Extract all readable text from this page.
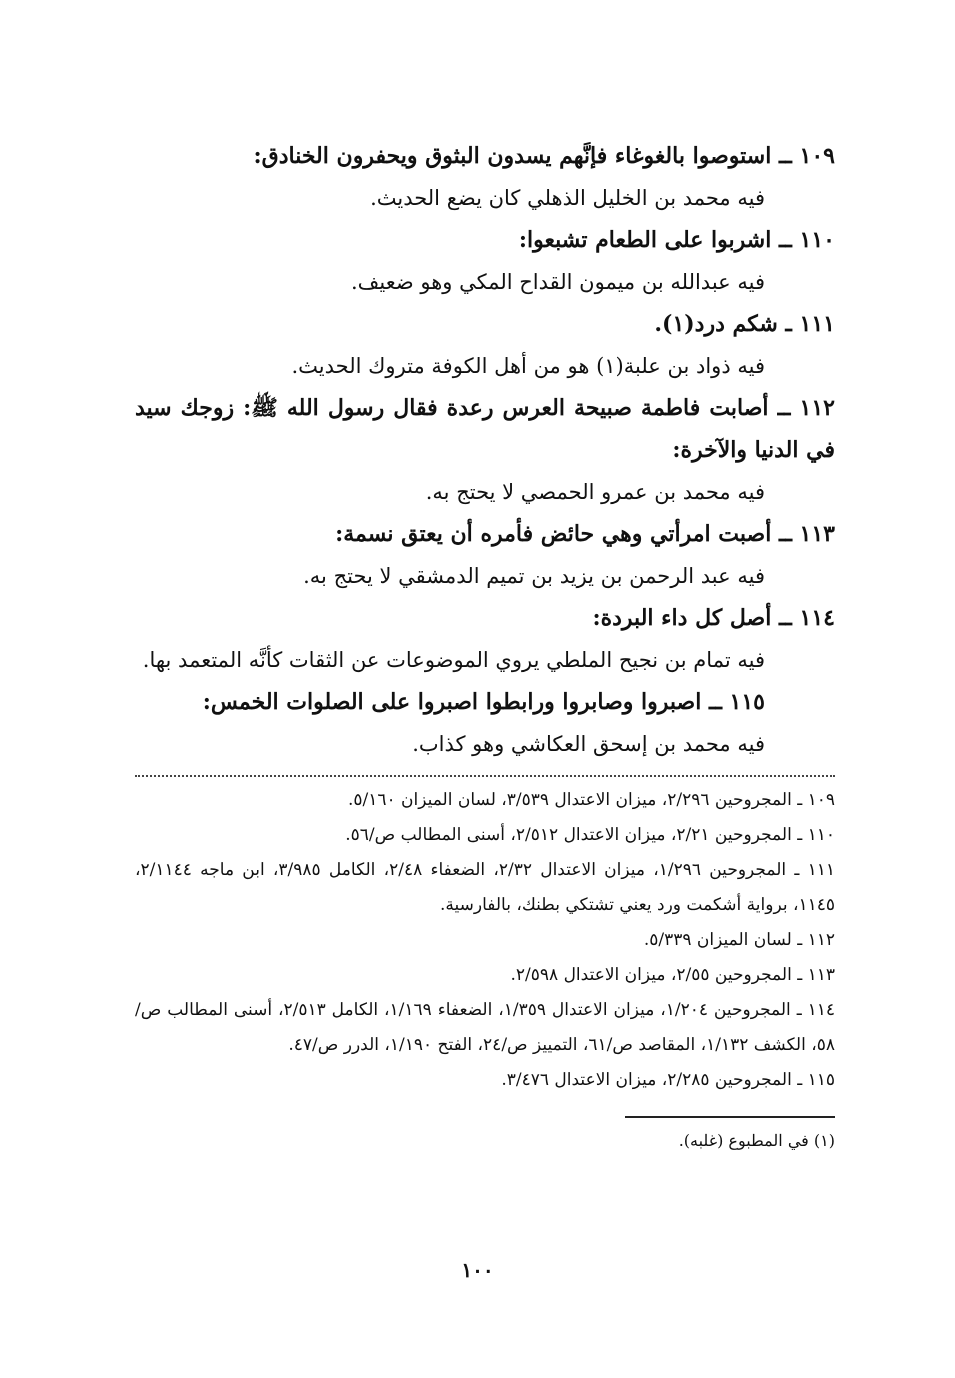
١٠٩ ــ استوصوا بالغوغاء فإنَّهم يسدون البثوق ويحفرون الخنادق:

فيه محمد بن الخليل الذهلي كان يضع الحديث.

١١٠ ــ اشربوا على الطعام تشبعوا:

فيه عبدالله بن ميمون القداح المكي وهو ضعيف.

١١١ ـ شكم درد(١).

فيه ذواد بن علبة(١) هو من أهل الكوفة متروك الحديث.

١١٢ ــ أصابت فاطمة صبيحة العرس رعدة فقال رسول الله ﷺ: زوجك سيد في الدنيا والآخرة:

فيه محمد بن عمرو الحمصي لا يحتج به.

١١٣ ــ أصبت امرأتي وهي حائض فأمره أن يعتق نسمة:

فيه عبد الرحمن بن يزيد بن تميم الدمشقي لا يحتج به.

١١٤ ــ أصل كل داء البردة:

فيه تمام بن نجيح الملطي يروي الموضوعات عن الثقات كأنَّه المتعمد بها.

١١٥ ــ اصبروا وصابروا ورابطوا اصبروا على الصلوات الخمس:

فيه محمد بن إسحق العكاشي وهو كذاب.

١٠٩ ـ المجروحين ٢/٢٩٦، ميزان الاعتدال ٣/٥٣٩، لسان الميزان ٥/١٦٠.

١١٠ ـ المجروحين ٢/٢١، ميزان الاعتدال ٢/٥١٢، أسنى المطالب ص/٥٦.

١١١ ـ المجروحين ١/٢٩٦، ميزان الاعتدال ٢/٣٢، الضعفاء ٢/٤٨، الكامل ٣/٩٨٥، ابن ماجه ٢/١١٤٤، ١١٤٥، برواية أشكمت ورد يعني تشتكي بطنك، بالفارسية.

١١٢ ـ لسان الميزان ٥/٣٣٩.

١١٣ ـ المجروحين ٢/٥٥، ميزان الاعتدال ٢/٥٩٨.

١١٤ ـ المجروحين ١/٢٠٤، ميزان الاعتدال ١/٣٥٩، الضعفاء ١/١٦٩، الكامل ٢/٥١٣، أسنى المطالب ص/٥٨، الكشف ١/١٣٢، المقاصد ص/٦١، التمييز ص/٢٤، الفتح ١/١٩٠، الدرر ص/٤٧.

١١٥ ـ المجروحين ٢/٢٨٥، ميزان الاعتدال ٣/٤٧٦.

(١) في المطبوع (غلبه).

١٠٠
